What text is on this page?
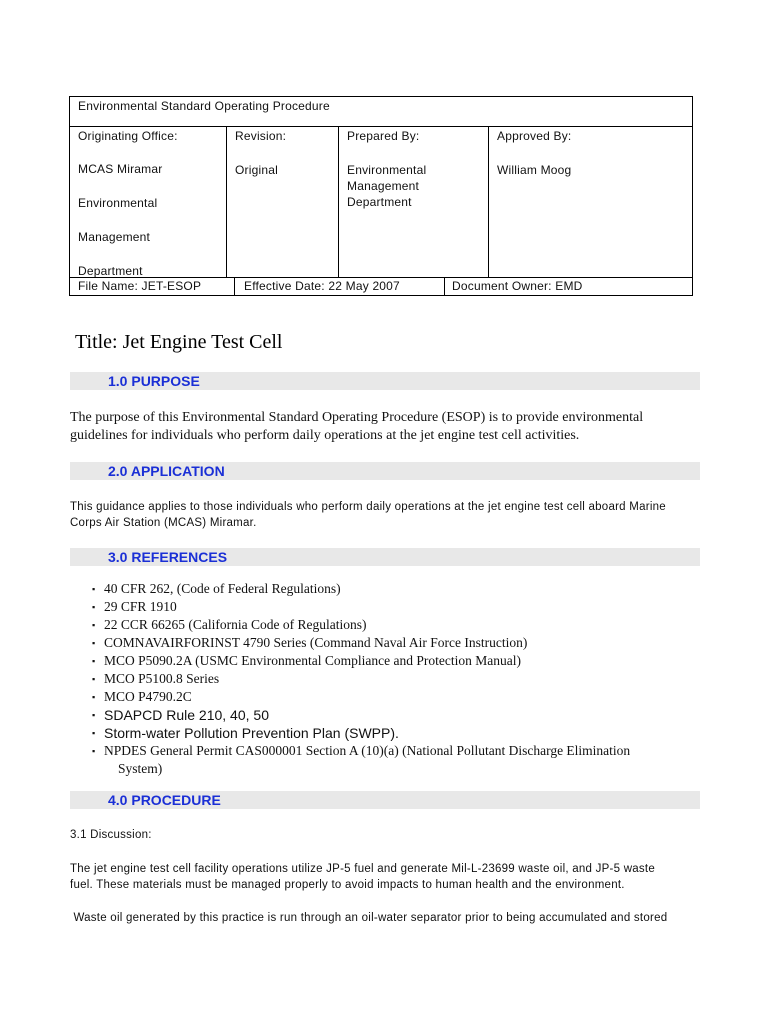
Environmental Standard Operating Procedure
Originating Office:
MCAS Miramar
Environmental
Management
Department
Revision:
Original
Prepared By:
Environmental
Management
Department
Approved By:
William Moog
File Name: JET-ESOP	Effective Date: 22 May 2007	Document Owner: EMD
Title: Jet Engine Test Cell
1.0 PURPOSE
The purpose of this Environmental Standard Operating Procedure (ESOP) is to provide environmental guidelines for individuals who perform daily operations at the jet engine test cell activities.
2.0 APPLICATION
This guidance applies to those individuals who perform daily operations at the jet engine test cell aboard Marine Corps Air Station (MCAS) Miramar.
3.0 REFERENCES
▪ 40 CFR 262, (Code of Federal Regulations)
▪ 29 CFR 1910
▪ 22 CCR 66265 (California Code of Regulations)
▪ COMNAVAIRFORINST 4790 Series (Command Naval Air Force Instruction)
▪ MCO P5090.2A (USMC Environmental Compliance and Protection Manual)
▪ MCO P5100.8 Series
▪ MCO P4790.2C
▪ SDAPCD Rule 210, 40, 50
▪ Storm-water Pollution Prevention Plan (SWPP).
▪ NPDES General Permit CAS000001 Section A (10)(a) (National Pollutant Discharge Elimination
System)
4.0 PROCEDURE
3.1 Discussion:
The jet engine test cell facility operations utilize JP-5 fuel and generate Mil-L-23699 waste oil, and JP-5 waste
fuel. These materials must be managed properly to avoid impacts to human health and the environment.
Waste oil generated by this practice is run through an oil-water separator prior to being accumulated and stored
